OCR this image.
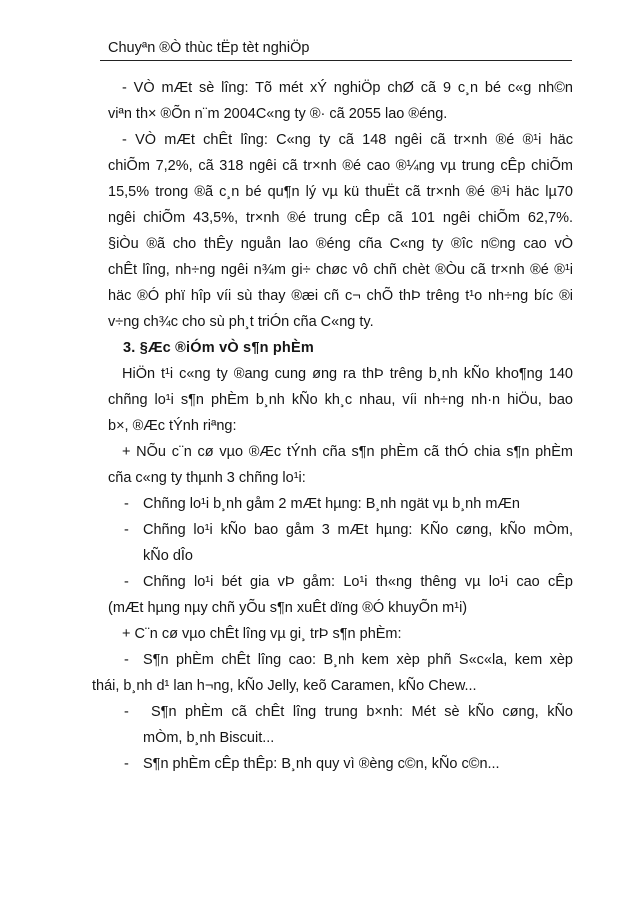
Chuyªn ®Ò thùc tËp tèt nghiÖp
- VÒ mÆt sè lîng: Tõ mét xÝ nghiÖp chØ cã 9 c¸n bé c«g nh©n
viªn th× ®Õn n¨m 2004C«ng ty ®· cã 2055 lao ®éng.
- VÒ mÆt chÊt lîng: C«ng ty cã 148 ngêi cã tr×nh ®é ®¹i häc
chiÕm 7,2%, cã 318 ngêi cã tr×nh ®é cao ®¼ng vµ trung cÊp chiÕm
15,5% trong ®ã c¸n bé qu¶n lý vµ kü thuËt cã tr×nh ®é ®¹i häc lµ70
ngêi chiÕm 43,5%, tr×nh ®é trung cÊp cã 101 ngêi chiÕm 62,7%.
§iÒu ®ã cho thÊy nguån lao ®éng cña C«ng ty ®îc n©ng cao vÒ
chÊt lîng, nh÷ng ngêi n¾m gi÷ chøc vô chñ chèt ®Òu cã tr×nh ®é ®¹i
häc ®Ó phï hîp víi sù thay ®æi cñ c¬ chÕ thÞ trêng t¹o nh÷ng bíc ®i
v÷ng ch¾c cho sù ph¸t triÓn cña C«ng ty.
3. §Æc ®iÓm vÒ s¶n phÈm
HiÖn t¹i c«ng ty ®ang cung øng ra thÞ trêng b¸nh kÑo kho¶ng 140
chñng lo¹i s¶n phÈm b¸nh kÑo kh¸c nhau, víi nh÷ng nh·n hiÖu, bao
b×, ®Æc tÝnh riªng:
+ NÕu c¨n cø vµo ®Æc tÝnh cña s¶n phÈm cã thÓ chia s¶n phÈm
cña c«ng ty thµnh 3 chñng lo¹i:
- Chñng lo¹i b¸nh gåm 2 mÆt hµng: B¸nh ngät vµ b¸nh mÆn
- Chñng lo¹i kÑo bao gåm 3 mÆt hµng: KÑo cøng, kÑo mÒm,
kÑo dÎo
- Chñng lo¹i bét gia vÞ gåm: Lo¹i th«ng thêng vµ lo¹i cao cÊp
(mÆt hµng nµy chñ yÕu s¶n xuÊt dïng ®Ó khuyÕn m¹i)
+ C¨n cø vµo chÊt lîng vµ gi¸ trÞ s¶n phÈm:
- S¶n phÈm chÊt lîng cao: B¸nh kem xèp phñ S«c«la, kem xèp
thái, b¸nh d¹ lan h¬ng, kÑo Jelly, keõ Caramen, kÑo Chew...
- S¶n phÈm cã chÊt lîng trung b×nh: Mét sè kÑo cøng, kÑo
mÒm, b¸nh Biscuit...
- S¶n phÈm cÊp thÊp: B¸nh quy vì ®èng c©n, kÑo c©n...
